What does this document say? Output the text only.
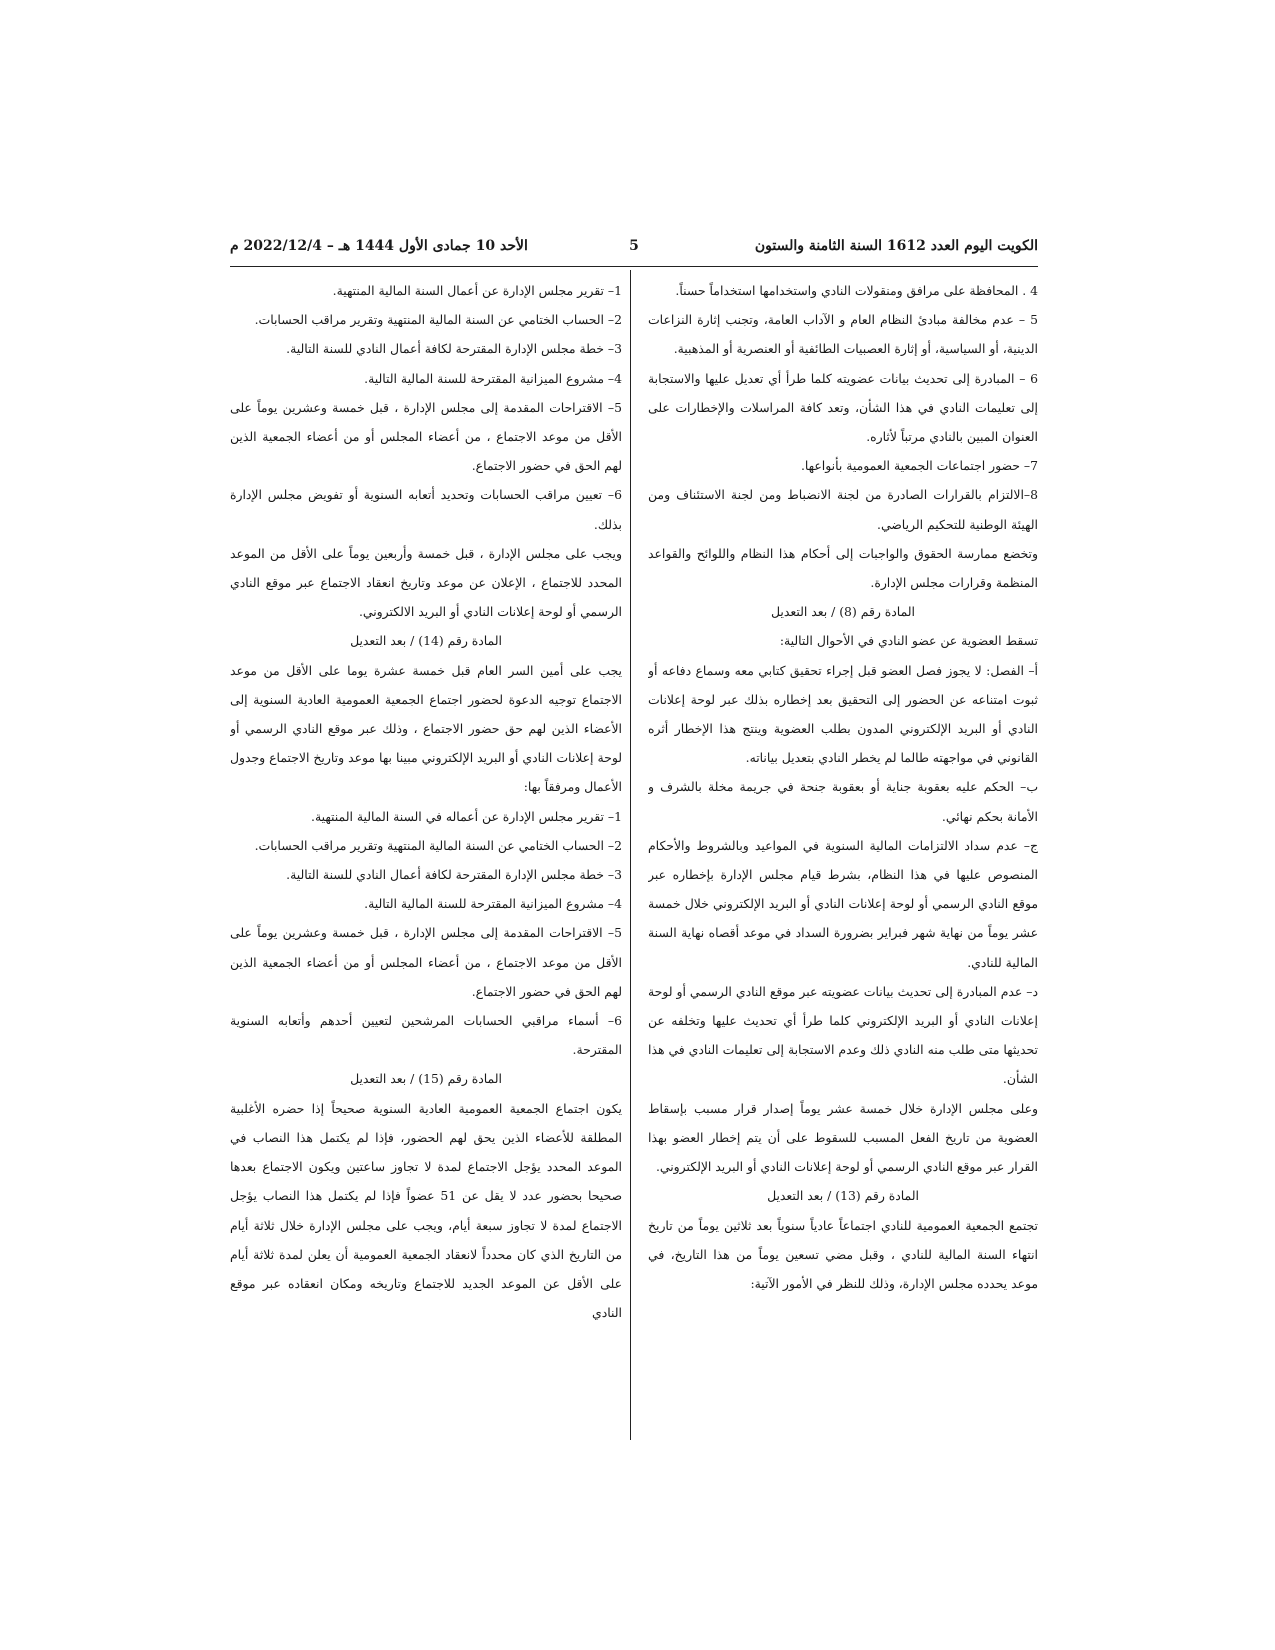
الكويت اليوم العدد 1612 السنة الثامنة والستون
5
الأحد 10 جمادى الأول 1444 هـ – 2022/12/4 م

4 . المحافظة على مرافق ومنقولات النادي واستخدامها استخداماً حسناً.

5 – عدم مخالفة مبادئ النظام العام و الآداب العامة، وتجنب إثارة النزاعات الدينية، أو السياسية، أو إثارة العصبيات الطائفية أو العنصرية أو المذهبية.

6 – المبادرة إلى تحديث بيانات عضويته كلما طرأ أي تعديل عليها والاستجابة إلى تعليمات النادي في هذا الشأن، وتعد كافة المراسلات والإخطارات على العنوان المبين بالنادي مرتباً لأثاره.

7– حضور اجتماعات الجمعية العمومية بأنواعها.

8–الالتزام بالقرارات الصادرة من لجنة الانضباط ومن لجنة الاستئناف ومن الهيئة الوطنية للتحكيم الرياضي.

وتخضع ممارسة الحقوق والواجبات إلى أحكام هذا النظام واللوائح والقواعد المنظمة وقرارات مجلس الإدارة.

المادة رقم (8) / بعد التعديل

تسقط العضوية عن عضو النادي في الأحوال التالية:

أ– الفصل: لا يجوز فصل العضو قبل إجراء تحقيق كتابي معه وسماع دفاعه أو ثبوت امتناعه عن الحضور إلى التحقيق بعد إخطاره بذلك عبر لوحة إعلانات النادي أو البريد الإلكتروني المدون بطلب العضوية وينتج هذا الإخطار أثره القانوني في مواجهته طالما لم يخطر النادي بتعديل بياناته.

ب– الحكم عليه بعقوبة جناية أو بعقوبة جنحة في جريمة مخلة بالشرف و الأمانة بحكم نهائي.

ج– عدم سداد الالتزامات المالية السنوية في المواعيد وبالشروط والأحكام المنصوص عليها في هذا النظام، بشرط قيام مجلس الإدارة بإخطاره عبر موقع النادي الرسمي أو لوحة إعلانات النادي أو البريد الإلكتروني خلال خمسة عشر يوماً من نهاية شهر فبراير بضرورة السداد في موعد أقصاه نهاية السنة المالية للنادي.

د– عدم المبادرة إلى تحديث بيانات عضويته عبر موقع النادي الرسمي أو لوحة إعلانات النادي أو البريد الإلكتروني كلما طرأ أي تحديث عليها وتخلفه عن تحديثها متى طلب منه النادي ذلك وعدم الاستجابة إلى تعليمات النادي في هذا الشأن.

وعلى مجلس الإدارة خلال خمسة عشر يوماً إصدار قرار مسبب بإسقاط العضوية من تاريخ الفعل المسبب للسقوط على أن يتم إخطار العضو بهذا القرار عبر موقع النادي الرسمي أو لوحة إعلانات النادي أو البريد الإلكتروني.

المادة رقم (13) / بعد التعديل

تجتمع الجمعية العمومية للنادي اجتماعاً عادياً سنوياً بعد ثلاثين يوماً من تاريخ انتهاء السنة المالية للنادي ، وقبل مضي تسعين يوماً من هذا التاريخ، في موعد يحدده مجلس الإدارة، وذلك للنظر في الأمور الآتية:

1– تقرير مجلس الإدارة عن أعمال السنة المالية المنتهية.

2– الحساب الختامي عن السنة المالية المنتهية وتقرير مراقب الحسابات.

3– خطة مجلس الإدارة المقترحة لكافة أعمال النادي للسنة التالية.

4– مشروع الميزانية المقترحة للسنة المالية التالية.

5– الاقتراحات المقدمة إلى مجلس الإدارة ، قبل خمسة وعشرين يوماً على الأقل من موعد الاجتماع ، من أعضاء المجلس أو من أعضاء الجمعية الذين لهم الحق في حضور الاجتماع.

6– تعيين مراقب الحسابات وتحديد أتعابه السنوية أو تفويض مجلس الإدارة بذلك.

ويجب على مجلس الإدارة ، قبل خمسة وأربعين يوماً على الأقل من الموعد المحدد للاجتماع ، الإعلان عن موعد وتاريخ انعقاد الاجتماع عبر موقع النادي الرسمي أو لوحة إعلانات النادي أو البريد الالكتروني.

المادة رقم (14) / بعد التعديل

يجب على أمين السر العام قبل خمسة عشرة يوما على الأقل من موعد الاجتماع توجيه الدعوة لحضور اجتماع الجمعية العمومية العادية السنوية إلى الأعضاء الذين لهم حق حضور الاجتماع ، وذلك عبر موقع النادي الرسمي أو لوحة إعلانات النادي أو البريد الإلكتروني مبينا بها موعد وتاريخ الاجتماع وجدول الأعمال ومرفقاً بها:

1– تقرير مجلس الإدارة عن أعماله في السنة المالية المنتهية.

2– الحساب الختامي عن السنة المالية المنتهية وتقرير مراقب الحسابات.

3– خطة مجلس الإدارة المقترحة لكافة أعمال النادي للسنة التالية.

4– مشروع الميزانية المقترحة للسنة المالية التالية.

5– الاقتراحات المقدمة إلى مجلس الإدارة ، قبل خمسة وعشرين يوماً على الأقل من موعد الاجتماع ، من أعضاء المجلس أو من أعضاء الجمعية الذين لهم الحق في حضور الاجتماع.

6– أسماء مراقبي الحسابات المرشحين لتعيين أحدهم وأتعابه السنوية المقترحة.

المادة رقم (15) / بعد التعديل

يكون اجتماع الجمعية العمومية العادية السنوية صحيحاً إذا حضره الأغلبية المطلقة للأعضاء الذين يحق لهم الحضور، فإذا لم يكتمل هذا النصاب في الموعد المحدد يؤجل الاجتماع لمدة لا تجاوز ساعتين ويكون الاجتماع بعدها صحيحا بحضور عدد لا يقل عن 51 عضواً فإذا لم يكتمل هذا النصاب يؤجل الاجتماع لمدة لا تجاوز سبعة أيام، ويجب على مجلس الإدارة خلال ثلاثة أيام من التاريخ الذي كان محدداً لانعقاد الجمعية العمومية أن يعلن لمدة ثلاثة أيام على الأقل عن الموعد الجديد للاجتماع وتاريخه ومكان انعقاده عبر موقع النادي
